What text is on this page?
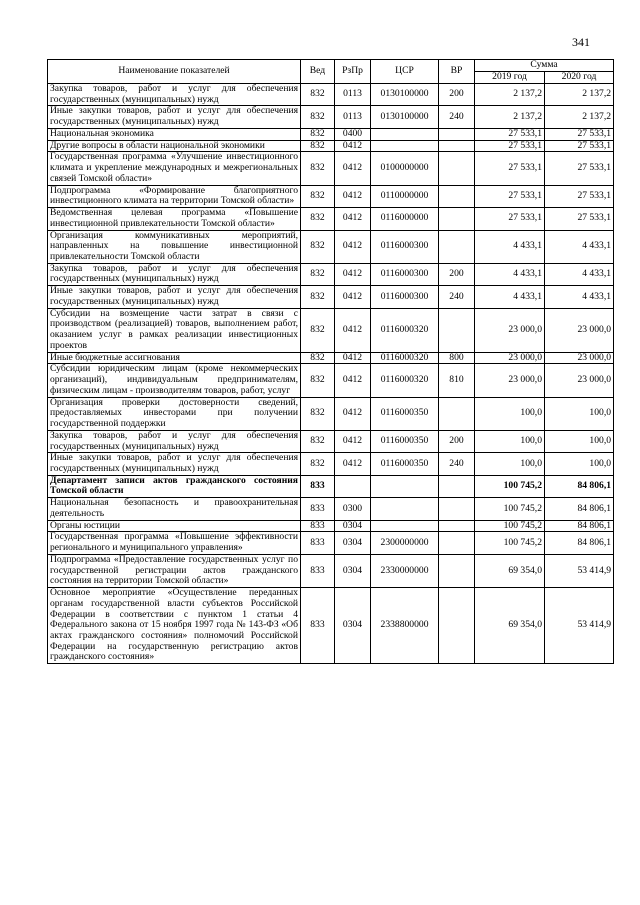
341
Наименование показателей	Вед	РзПр	ЦСР	ВР	Сумма	
					2019 год	2020 год
Закупка товаров, работ и услуг для обеспечения государственных (муниципальных) нужд	832	0113	0130100000	200	2 137,2	2 137,2
Иные закупки товаров, работ и услуг для обеспечения государственных (муниципальных) нужд	832	0113	0130100000	240	2 137,2	2 137,2
Национальная экономика	832	0400			27 533,1	27 533,1
Другие вопросы в области национальной экономики	832	0412			27 533,1	27 533,1
Государственная программа «Улучшение инвестиционного климата и укрепление международных и межрегиональных связей Томской области»	832	0412	0100000000		27 533,1	27 533,1
Подпрограмма «Формирование благоприятного инвестиционного климата на территории Томской области»	832	0412	0110000000		27 533,1	27 533,1
Ведомственная целевая программа «Повышение инвестиционной привлекательности Томской области»	832	0412	0116000000		27 533,1	27 533,1
Организация коммуникативных мероприятий, направленных на повышение инвестиционной привлекательности Томской области	832	0412	0116000300		4 433,1	4 433,1
Закупка товаров, работ и услуг для обеспечения государственных (муниципальных) нужд	832	0412	0116000300	200	4 433,1	4 433,1
Иные закупки товаров, работ и услуг для обеспечения государственных (муниципальных) нужд	832	0412	0116000300	240	4 433,1	4 433,1
Субсидии на возмещение части затрат в связи с производством (реализацией) товаров, выполнением работ, оказанием услуг в рамках реализации инвестиционных проектов	832	0412	0116000320		23 000,0	23 000,0
Иные бюджетные ассигнования	832	0412	0116000320	800	23 000,0	23 000,0
Субсидии юридическим лицам (кроме некоммерческих организаций), индивидуальным предпринимателям, физическим лицам - производителям товаров, работ, услуг	832	0412	0116000320	810	23 000,0	23 000,0
Организация проверки достоверности сведений, предоставляемых инвесторами при получении государственной поддержки	832	0412	0116000350		100,0	100,0
Закупка товаров, работ и услуг для обеспечения государственных (муниципальных) нужд	832	0412	0116000350	200	100,0	100,0
Иные закупки товаров, работ и услуг для обеспечения государственных (муниципальных) нужд	832	0412	0116000350	240	100,0	100,0
Департамент записи актов гражданского состояния Томской области	833				100 745,2	84 806,1
Национальная безопасность и правоохранительная деятельность	833	0300			100 745,2	84 806,1
Органы юстиции	833	0304			100 745,2	84 806,1
Государственная программа «Повышение эффективности регионального и муниципального управления»	833	0304	2300000000		100 745,2	84 806,1
Подпрограмма «Предоставление государственных услуг по государственной регистрации актов гражданского состояния на территории Томской области»	833	0304	2330000000		69 354,0	53 414,9
Основное мероприятие «Осуществление переданных органам государственной власти субъектов Российской Федерации в соответствии с пунктом 1 статьи 4 Федерального закона от 15 ноября 1997 года № 143-ФЗ «Об актах гражданского состояния» полномочий Российской Федерации на государственную регистрацию актов гражданского состояния»	833	0304	2338800000		69 354,0	53 414,9
